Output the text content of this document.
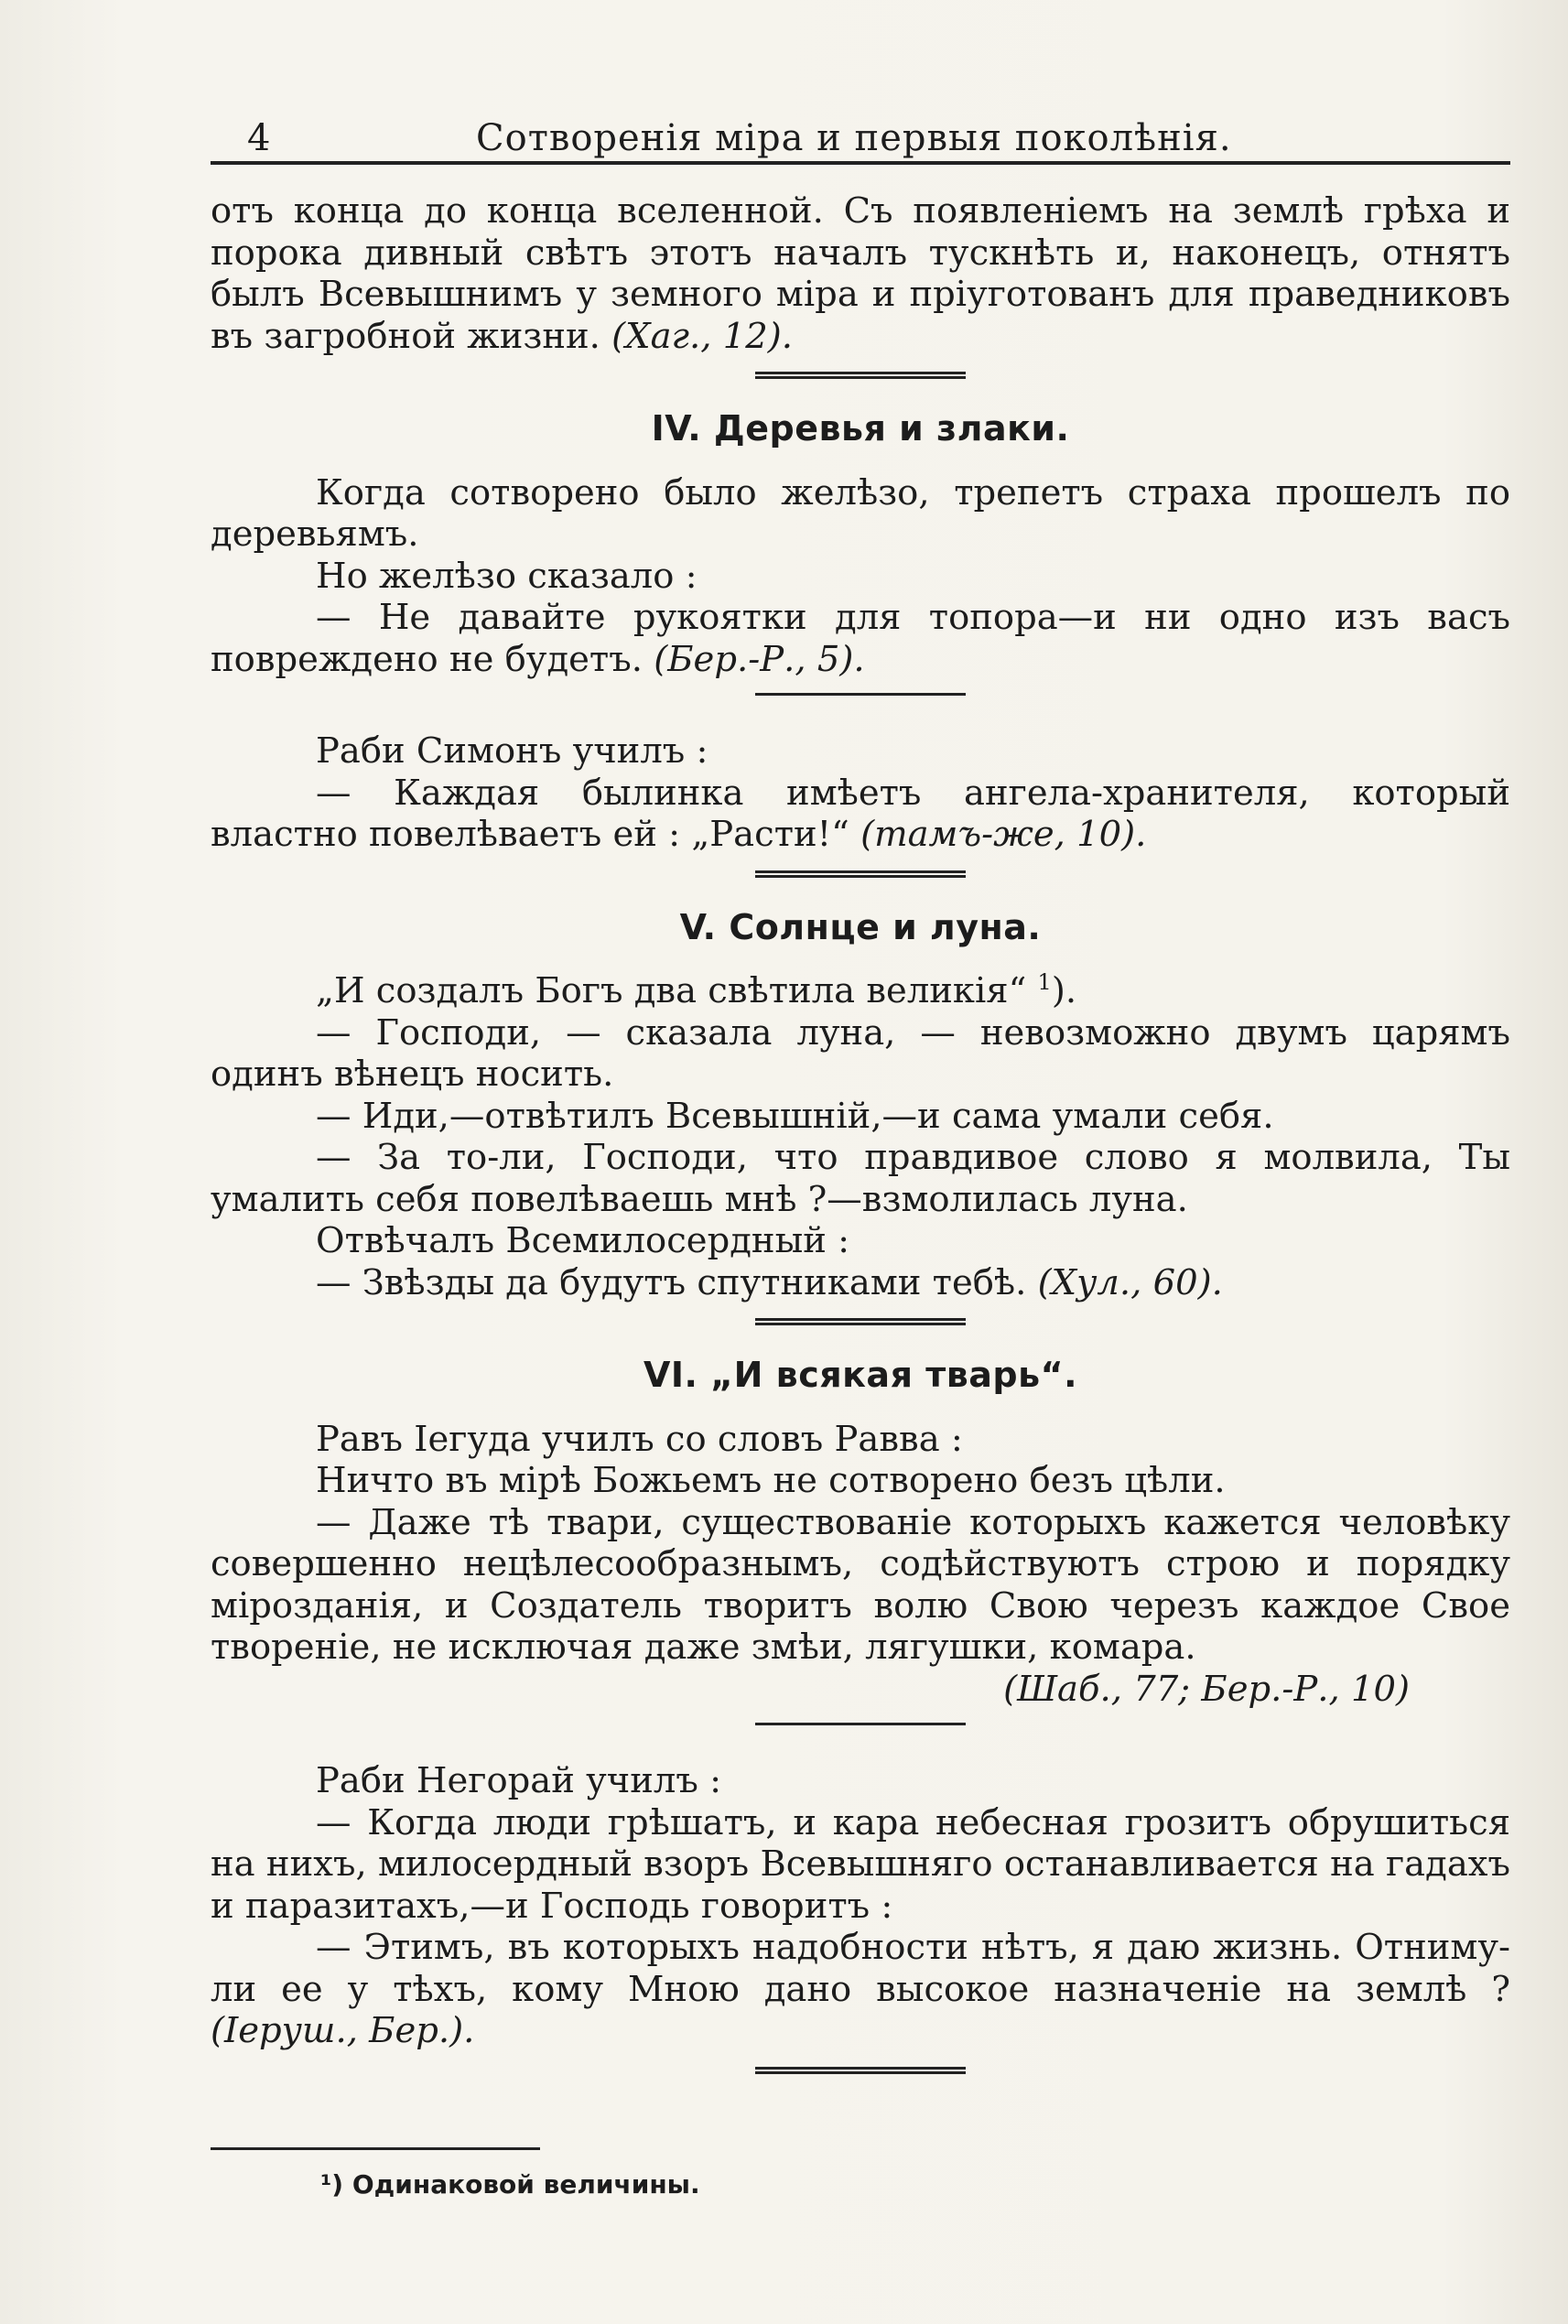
4	Сотворенія міра и первыя поколѣнія.

отъ конца до конца вселенной. Съ появленіемъ на землѣ грѣха и порока дивный свѣтъ этотъ началъ тускнѣть и, наконецъ, отнятъ былъ Всевышнимъ у земного міра и пріуготованъ для праведниковъ въ загробной жизни. (Хаг., 12).

IV. Деревья и злаки.

Когда сотворено было желѣзо, трепетъ страха прошелъ по деревьямъ.

Но желѣзо сказало :

— Не давайте рукоятки для топора—и ни одно изъ васъ повреждено не будетъ. (Бер.-Р., 5).

Раби Симонъ училъ :

— Каждая былинка имѣетъ ангела-хранителя, который властно повелѣваетъ ей : „Расти!“ (тамъ-же, 10).

V. Солнце и луна.

„И создалъ Богъ два свѣтила великія“ $^1$).

— Господи, — сказала луна, — невозможно двумъ царямъ одинъ вѣнецъ носить.

— Иди,—отвѣтилъ Всевышній,—и сама умали себя.

— За то-ли, Господи, что правдивое слово я молвила, Ты умалить себя повелѣваешь мнѣ ?—взмолилась луна.

Отвѣчалъ Всемилосердный :

— Звѣзды да будутъ спутниками тебѣ. (Хул., 60).

VI. „И всякая тварь“.

Равъ Іегуда училъ со словъ Равва :

Ничто въ мірѣ Божьемъ не сотворено безъ цѣли.

— Даже тѣ твари, существованіе которыхъ кажется человѣку совершенно нецѣлесообразнымъ, содѣйствуютъ строю и порядку мірозданія, и Создатель творитъ волю Свою черезъ каждое Свое твореніе, не исключая даже змѣи, лягушки, комара.

(Шаб., 77; Бер.-Р., 10)

Раби Негорай училъ :

— Когда люди грѣшатъ, и кара небесная грозитъ обрушиться на нихъ, милосердный взоръ Всевышняго останавливается на гадахъ и паразитахъ,—и Господь говоритъ :

— Этимъ, въ которыхъ надобности нѣтъ, я даю жизнь. Отниму-ли ее у тѣхъ, кому Мною дано высокое назначеніе на землѣ ? (Іеруш., Бер.).

¹) Одинаковой величины.
